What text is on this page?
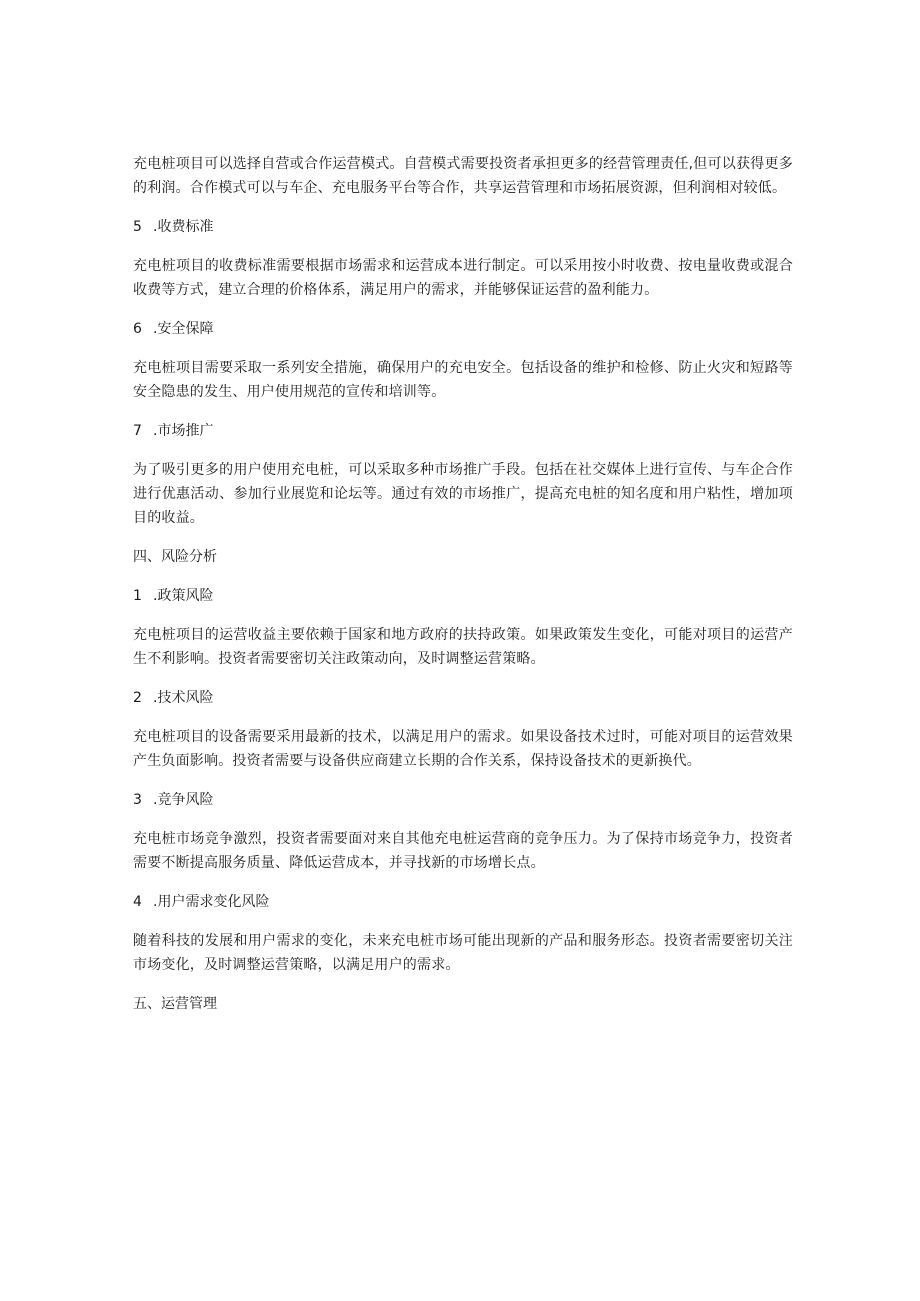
充电桩项目可以选择自营或合作运营模式。自营模式需要投资者承担更多的经营管理责任,但可以获得更多的利润。合作模式可以与车企、充电服务平台等合作，共享运营管理和市场拓展资源，但利润相对较低。

5 .收费标准

充电桩项目的收费标准需要根据市场需求和运营成本进行制定。可以采用按小时收费、按电量收费或混合收费等方式，建立合理的价格体系，满足用户的需求，并能够保证运营的盈利能力。

6 .安全保障

充电桩项目需要采取一系列安全措施，确保用户的充电安全。包括设备的维护和检修、防止火灾和短路等安全隐患的发生、用户使用规范的宣传和培训等。

7 .市场推广

为了吸引更多的用户使用充电桩，可以采取多种市场推广手段。包括在社交媒体上进行宣传、与车企合作进行优惠活动、参加行业展览和论坛等。通过有效的市场推广，提高充电桩的知名度和用户粘性，增加项目的收益。

四、风险分析

1 .政策风险

充电桩项目的运营收益主要依赖于国家和地方政府的扶持政策。如果政策发生变化，可能对项目的运营产生不利影响。投资者需要密切关注政策动向，及时调整运营策略。

2 .技术风险

充电桩项目的设备需要采用最新的技术，以满足用户的需求。如果设备技术过时，可能对项目的运营效果产生负面影响。投资者需要与设备供应商建立长期的合作关系，保持设备技术的更新换代。

3 .竞争风险

充电桩市场竞争激烈，投资者需要面对来自其他充电桩运营商的竞争压力。为了保持市场竞争力，投资者需要不断提高服务质量、降低运营成本，并寻找新的市场增长点。

4 .用户需求变化风险

随着科技的发展和用户需求的变化，未来充电桩市场可能出现新的产品和服务形态。投资者需要密切关注市场变化，及时调整运营策略，以满足用户的需求。

五、运营管理
